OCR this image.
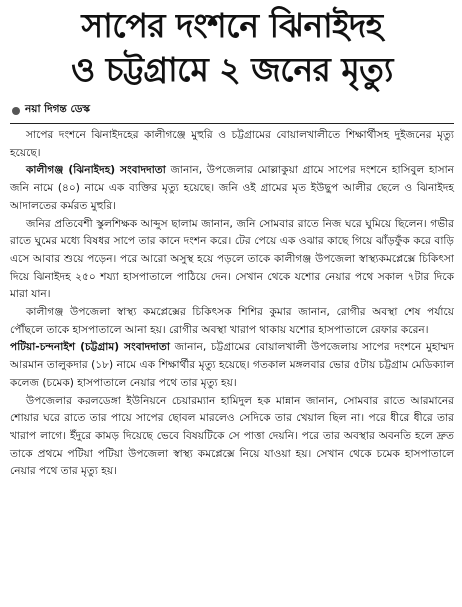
সাপের দংশনে ঝিনাইদহ
ও চট্টগ্রামে ২ জনের মৃত্যু
নয়া দিগন্ত ডেস্ক

সাপের দংশনে ঝিনাইদহের কালীগঞ্জে মুহুরি ও চট্টগ্রামের বোয়ালখালীতে শিক্ষার্থীসহ দুইজনের মৃত্যু হয়েছে।

কালীগঞ্জ (ঝিনাইদহ) সংবাদদাতা জানান, উপজেলার মোল্লাকুয়া গ্রামে সাপের দংশনে হাসিবুল হাসান জনি নামে (৪০) নামে এক ব্যক্তির মৃত্যু হয়েছে। জনি ওই গ্রামের মৃত ইউছুপ আলীর ছেলে ও ঝিনাইদহ আদালতের কর্মরত মুহুরি।

জনির প্রতিবেশী স্কুলশিক্ষক আব্দুস ছালাম জানান, জনি সোমবার রাতে নিজ ঘরে ঘুমিয়ে ছিলেন। গভীর রাতে ঘুমের মধ্যে বিষধর সাপে তার কানে দংশন করে। টের পেয়ে এক ওঝার কাছে গিয়ে ঝাঁড়ফুঁক করে বাড়ি এসে আবার শুয়ে পড়েন। পরে আরো অসুস্থ হয়ে পড়লে তাকে কালীগঞ্জ উপজেলা স্বাস্থ্যকমপ্লেক্সে চিকিৎসা দিয়ে ঝিনাইদহ ২৫০ শয্যা হাসপাতালে পাঠিয়ে দেন। সেখান থেকে যশোর নেয়ার পথে সকাল ৭টার দিকে মারা যান।

কালীগঞ্জ উপজেলা স্বাস্থ্য কমপ্লেক্সের চিকিৎসক শিশির কুমার জানান, রোগীর অবস্থা শেষ পর্যায়ে পৌঁছলে তাকে হাসপাতালে আনা হয়। রোগীর অবস্থা খারাপ থাকায় যশোর হাসপাতালে রেফার করেন।

পটিয়া-চন্দনাইশ (চট্টগ্রাম) সংবাদদাতা জানান, চট্টগ্রামের বোয়ালখালী উপজেলায় সাপের দংশনে মুহাম্মদ আরমান তালুকদার (১৮) নামে এক শিক্ষার্থীর মৃত্যু হয়েছে। গতকাল মঙ্গলবার ভোর ৫টায় চট্টগ্রাম মেডিক্যাল কলেজ (চমেক) হাসপাতালে নেয়ার পথে তার মৃত্যু হয়।

উপজেলার করলডেঙ্গা ইউনিয়নে চেয়ারম্যান হামিদুল হক মান্নান জানান, সোমবার রাতে আরমানের শোয়ার ঘরে রাতে তার পায়ে সাপের ছোবল মারলেও সেদিকে তার খেয়াল ছিল না। পরে ধীরে ধীরে তার খারাপ লাগে। ইঁদুরে কামড় দিয়েছে ভেবে বিষয়টিকে সে পাত্তা দেয়নি। পরে তার অবস্থার অবনতি হলে দ্রুত তাকে প্রথমে পটিয়া পটিয়া উপজেলা স্বাস্থ্য কমপ্লেক্সে নিয়ে যাওয়া হয়। সেখান থেকে চমেক হাসপাতালে নেয়ার পথে তার মৃত্যু হয়।
